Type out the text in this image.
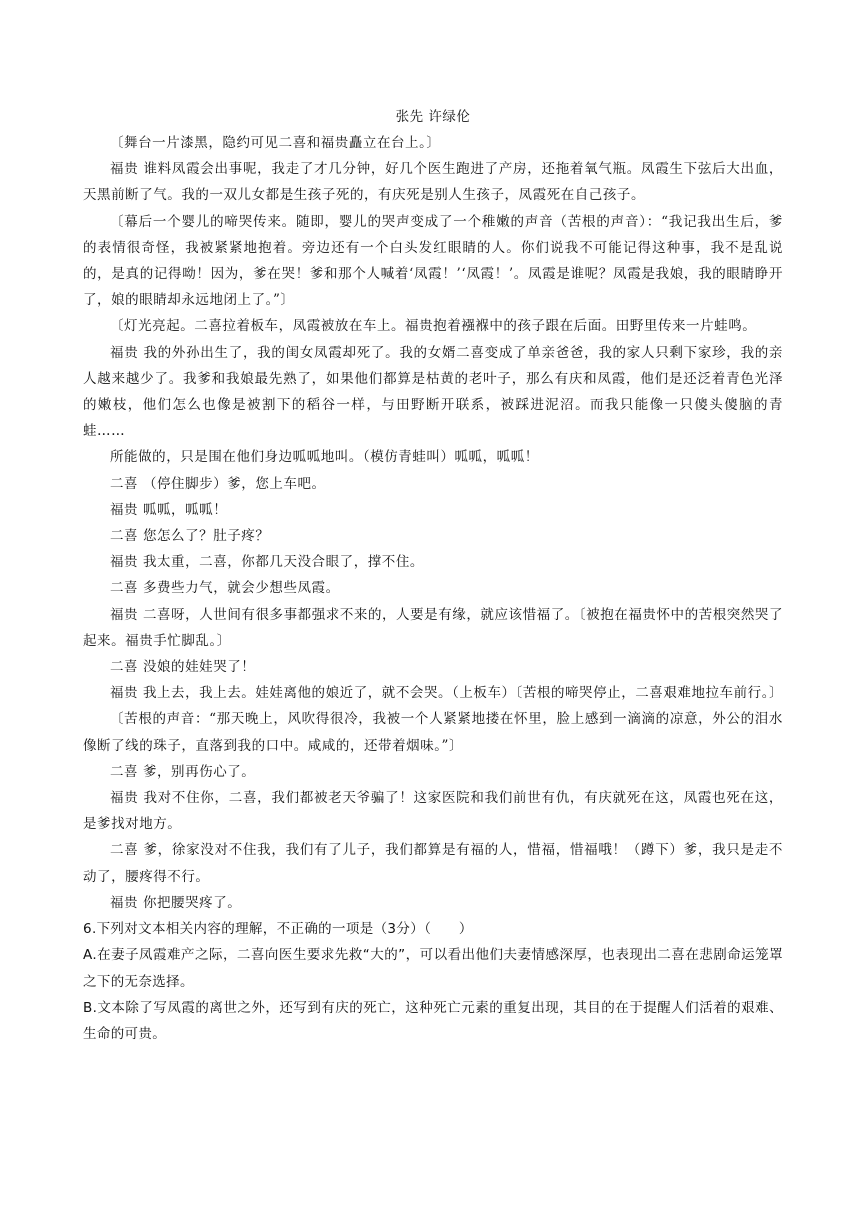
张先 许绿伦

〔舞台一片漆黑，隐约可见二喜和福贵矗立在台上。〕

福贵 谁料凤霞会出事呢，我走了才几分钟，好几个医生跑进了产房，还拖着氧气瓶。凤霞生下弦后大出血，天黑前断了气。我的一双儿女都是生孩子死的，有庆死是别人生孩子，凤霞死在自己孩子。

〔幕后一个婴儿的啼哭传来。随即，婴儿的哭声变成了一个稚嫩的声音（苦根的声音）：“我记我出生后，爹的表情很奇怪，我被紧紧地抱着。旁边还有一个白头发红眼睛的人。你们说我不可能记得这种事，我不是乱说的，是真的记得呦！因为，爹在哭！爹和那个人喊着‘凤霞！’‘凤霞！’。凤霞是谁呢？凤霞是我娘，我的眼睛睁开了，娘的眼睛却永远地闭上了。”〕

〔灯光亮起。二喜拉着板车，凤霞被放在车上。福贵抱着襁褓中的孩子跟在后面。田野里传来一片蛙鸣。

福贵 我的外孙出生了，我的闺女凤霞却死了。我的女婿二喜变成了单亲爸爸，我的家人只剩下家珍，我的亲人越来越少了。我爹和我娘最先熟了，如果他们都算是枯黄的老叶子，那么有庆和凤霞，他们是还泛着青色光泽的嫩枝，他们怎么也像是被割下的稻谷一样，与田野断开联系，被踩进泥沼。而我只能像一只傻头傻脑的青蛙……

所能做的，只是围在他们身边呱呱地叫。（模仿青蛙叫）呱呱，呱呱！

二喜 （停住脚步）爹，您上车吧。

福贵 呱呱，呱呱！

二喜 您怎么了？肚子疼？

福贵 我太重，二喜，你都几天没合眼了，撑不住。

二喜 多费些力气，就会少想些凤霞。

福贵 二喜呀，人世间有很多事都强求不来的，人要是有缘，就应该惜福了。〔被抱在福贵怀中的苦根突然哭了起来。福贵手忙脚乱。〕

二喜 没娘的娃娃哭了！

福贵 我上去，我上去。娃娃离他的娘近了，就不会哭。（上板车）〔苦根的啼哭停止，二喜艰难地拉车前行。〕

〔苦根的声音：“那天晚上，风吹得很冷，我被一个人紧紧地搂在怀里，脸上感到一滴滴的凉意，外公的泪水像断了线的珠子，直落到我的口中。咸咸的，还带着烟味。”〕

二喜 爹，别再伤心了。

福贵 我对不住你，二喜，我们都被老天爷骗了！这家医院和我们前世有仇，有庆就死在这，凤霞也死在这，是爹找对地方。

二喜 爹，徐家没对不住我，我们有了儿子，我们都算是有福的人，惜福，惜福哦！（蹲下）爹，我只是走不动了，腰疼得不行。

福贵 你把腰哭疼了。

6.下列对文本相关内容的理解，不正确的一项是（3分）（　　）

A.在妻子凤霞难产之际，二喜向医生要求先救“大的”，可以看出他们夫妻情感深厚，也表现出二喜在悲剧命运笼罩之下的无奈选择。

B.文本除了写凤霞的离世之外，还写到有庆的死亡，这种死亡元素的重复出现，其目的在于提醒人们活着的艰难、生命的可贵。
